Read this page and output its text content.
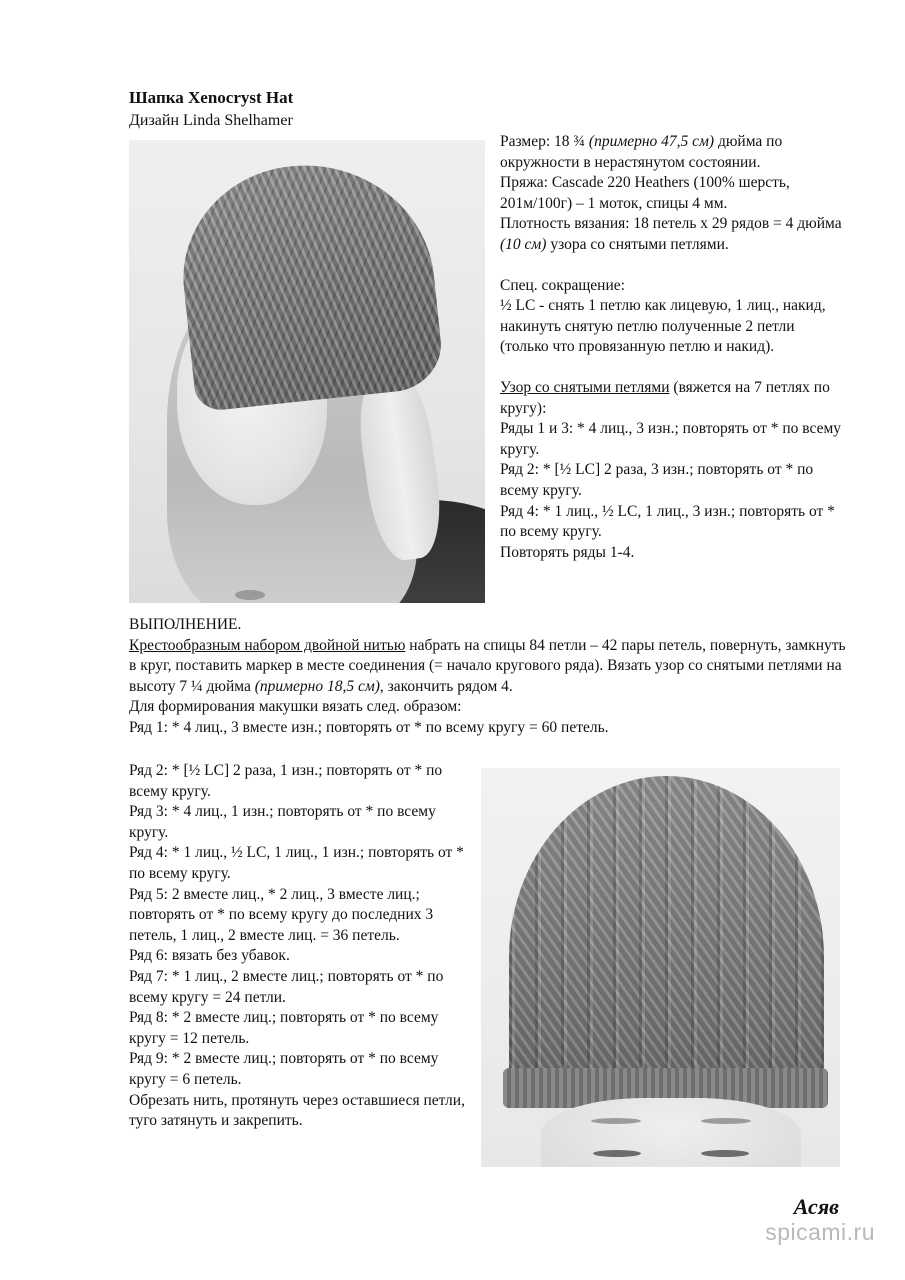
Шапка Xenocryst Hat
Дизайн Linda Shelhamer

Размер: 18 ¾ (примерно 47,5 см) дюйма по окружности в нерастянутом состоянии.

Пряжа: Cascade 220 Heathers (100% шерсть, 201м/100г) – 1 моток, спицы 4 мм.

Плотность вязания: 18 петель х 29 рядов = 4 дюйма (10 см) узора со снятыми петлями.

Спец. сокращение:

½ LC - снять 1 петлю как лицевую, 1 лиц., накид, накинуть снятую петлю полученные 2 петли (только что провязанную петлю и накид).

Узор со снятыми петлями (вяжется на 7 петлях по кругу):

Ряды 1 и 3: * 4 лиц., 3 изн.; повторять от * по всему кругу.

Ряд 2: * [½ LC] 2 раза, 3 изн.; повторять от * по всему кругу.

Ряд 4: * 1 лиц., ½ LC, 1 лиц., 3 изн.; повторять от * по всему кругу.

Повторять ряды 1-4.

ВЫПОЛНЕНИЕ.

Крестообразным набором двойной нитью набрать на спицы 84 петли – 42 пары петель, повернуть, замкнуть в круг, поставить маркер в месте соединения (= начало кругового ряда). Вязать узор со снятыми петлями на высоту 7 ¼ дюйма (примерно 18,5 см), закончить рядом 4.

Для формирования макушки вязать след. образом:

Ряд 1: * 4 лиц., 3 вместе изн.; повторять от * по всему кругу = 60 петель.

Ряд 2: * [½ LC] 2 раза, 1 изн.; повторять от * по всему кругу.

Ряд 3: * 4 лиц., 1 изн.; повторять от * по всему кругу.

Ряд 4: * 1 лиц., ½ LC, 1 лиц., 1 изн.; повторять от * по всему кругу.

Ряд 5: 2 вместе лиц., * 2 лиц., 3 вместе лиц.; повторять от * по всему кругу до последних 3 петель, 1 лиц., 2 вместе лиц. = 36 петель.

Ряд 6: вязать без убавок.

Ряд 7: * 1 лиц., 2 вместе лиц.; повторять от * по всему кругу = 24 петли.

Ряд 8: * 2 вместе лиц.; повторять от * по всему кругу = 12 петель.

Ряд 9: * 2 вместе лиц.; повторять от * по всему кругу = 6 петель.

Обрезать нить, протянуть через оставшиеся петли, туго затянуть и закрепить.

Асяв
spicami.ru
